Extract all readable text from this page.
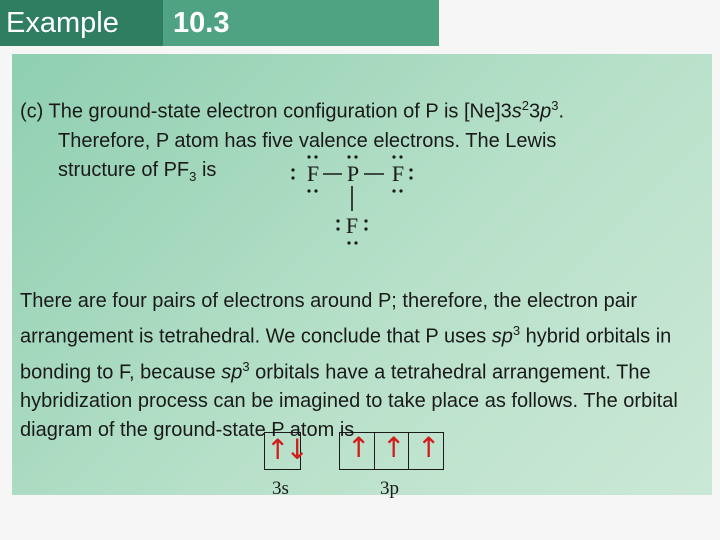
Example	10.3
(c) The ground-state electron configuration of P is $[Ne]3s^23p^3$.
Therefore, P atom has five valence electrons. The Lewis
structure of $PF_3$ is	F P F
F
There are four pairs of electrons around P; therefore, the electron pair arrangement is tetrahedral. We conclude that P uses $sp^3$ hybrid orbitals in bonding to F, because $sp^3$ orbitals have a tetrahedral arrangement. The hybridization process can be imagined to take place as follows. The orbital diagram of the ground-state P atom is
↑↓ ↑ ↑ ↑
3s	3p
